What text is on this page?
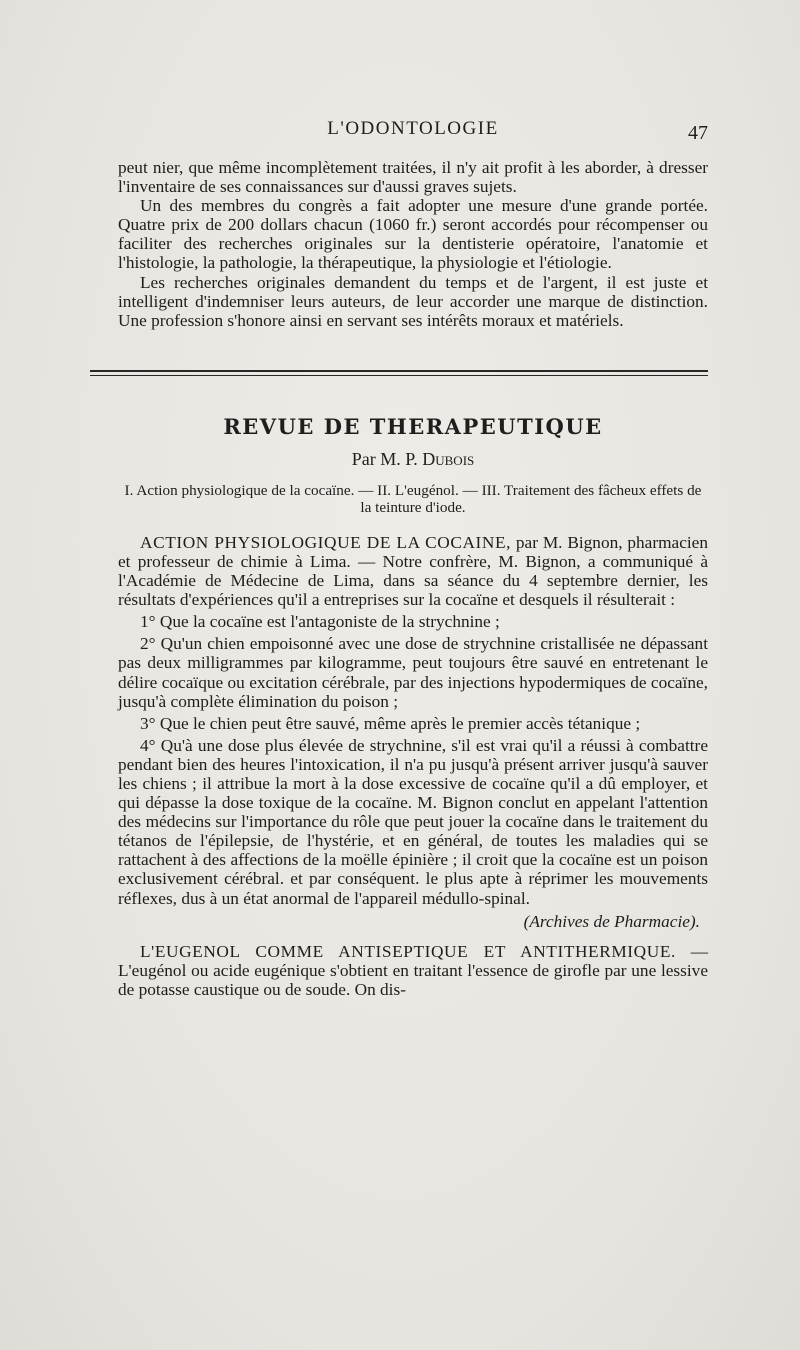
L'ODONTOLOGIE	47

peut nier, que même incomplètement traitées, il n'y ait profit à les aborder, à dresser l'inventaire de ses connaissances sur d'aussi graves sujets.

Un des membres du congrès a fait adopter une mesure d'une grande portée. Quatre prix de 200 dollars chacun (1060 fr.) seront accordés pour récompenser ou faciliter des recherches originales sur la dentisterie opératoire, l'anatomie et l'histologie, la pathologie, la thérapeutique, la physiologie et l'étiologie.

Les recherches originales demandent du temps et de l'argent, il est juste et intelligent d'indemniser leurs auteurs, de leur accorder une marque de distinction. Une profession s'honore ainsi en servant ses intérêts moraux et matériels.

REVUE DE THERAPEUTIQUE
Par M. P. Dubois
I. Action physiologique de la cocaïne. — II. L'eugénol. — III. Traitement des fâcheux effets de la teinture d'iode.

ACTION PHYSIOLOGIQUE DE LA COCAINE, par M. Bignon, pharmacien et professeur de chimie à Lima. — Notre confrère, M. Bignon, a communiqué à l'Académie de Médecine de Lima, dans sa séance du 4 septembre dernier, les résultats d'expériences qu'il a entreprises sur la cocaïne et desquels il résulterait :

1° Que la cocaïne est l'antagoniste de la strychnine ;

2° Qu'un chien empoisonné avec une dose de strychnine cristallisée ne dépassant pas deux milligrammes par kilogramme, peut toujours être sauvé en entretenant le délire cocaïque ou excitation cérébrale, par des injections hypodermiques de cocaïne, jusqu'à complète élimination du poison ;

3° Que le chien peut être sauvé, même après le premier accès tétanique ;

4° Qu'à une dose plus élevée de strychnine, s'il est vrai qu'il a réussi à combattre pendant bien des heures l'intoxication, il n'a pu jusqu'à présent arriver jusqu'à sauver les chiens ; il attribue la mort à la dose excessive de cocaïne qu'il a dû employer, et qui dépasse la dose toxique de la cocaïne. M. Bignon conclut en appelant l'attention des médecins sur l'importance du rôle que peut jouer la cocaïne dans le traitement du tétanos de l'épilepsie, de l'hystérie, et en général, de toutes les maladies qui se rattachent à des affections de la moëlle épinière ; il croit que la cocaïne est un poison exclusivement cérébral. et par conséquent. le plus apte à réprimer les mouvements réflexes, dus à un état anormal de l'appareil médullo-spinal.

(Archives de Pharmacie).

L'EUGENOL COMME ANTISEPTIQUE ET ANTITHERMIQUE. — L'eugénol ou acide eugénique s'obtient en traitant l'essence de girofle par une lessive de potasse caustique ou de soude. On dis-
